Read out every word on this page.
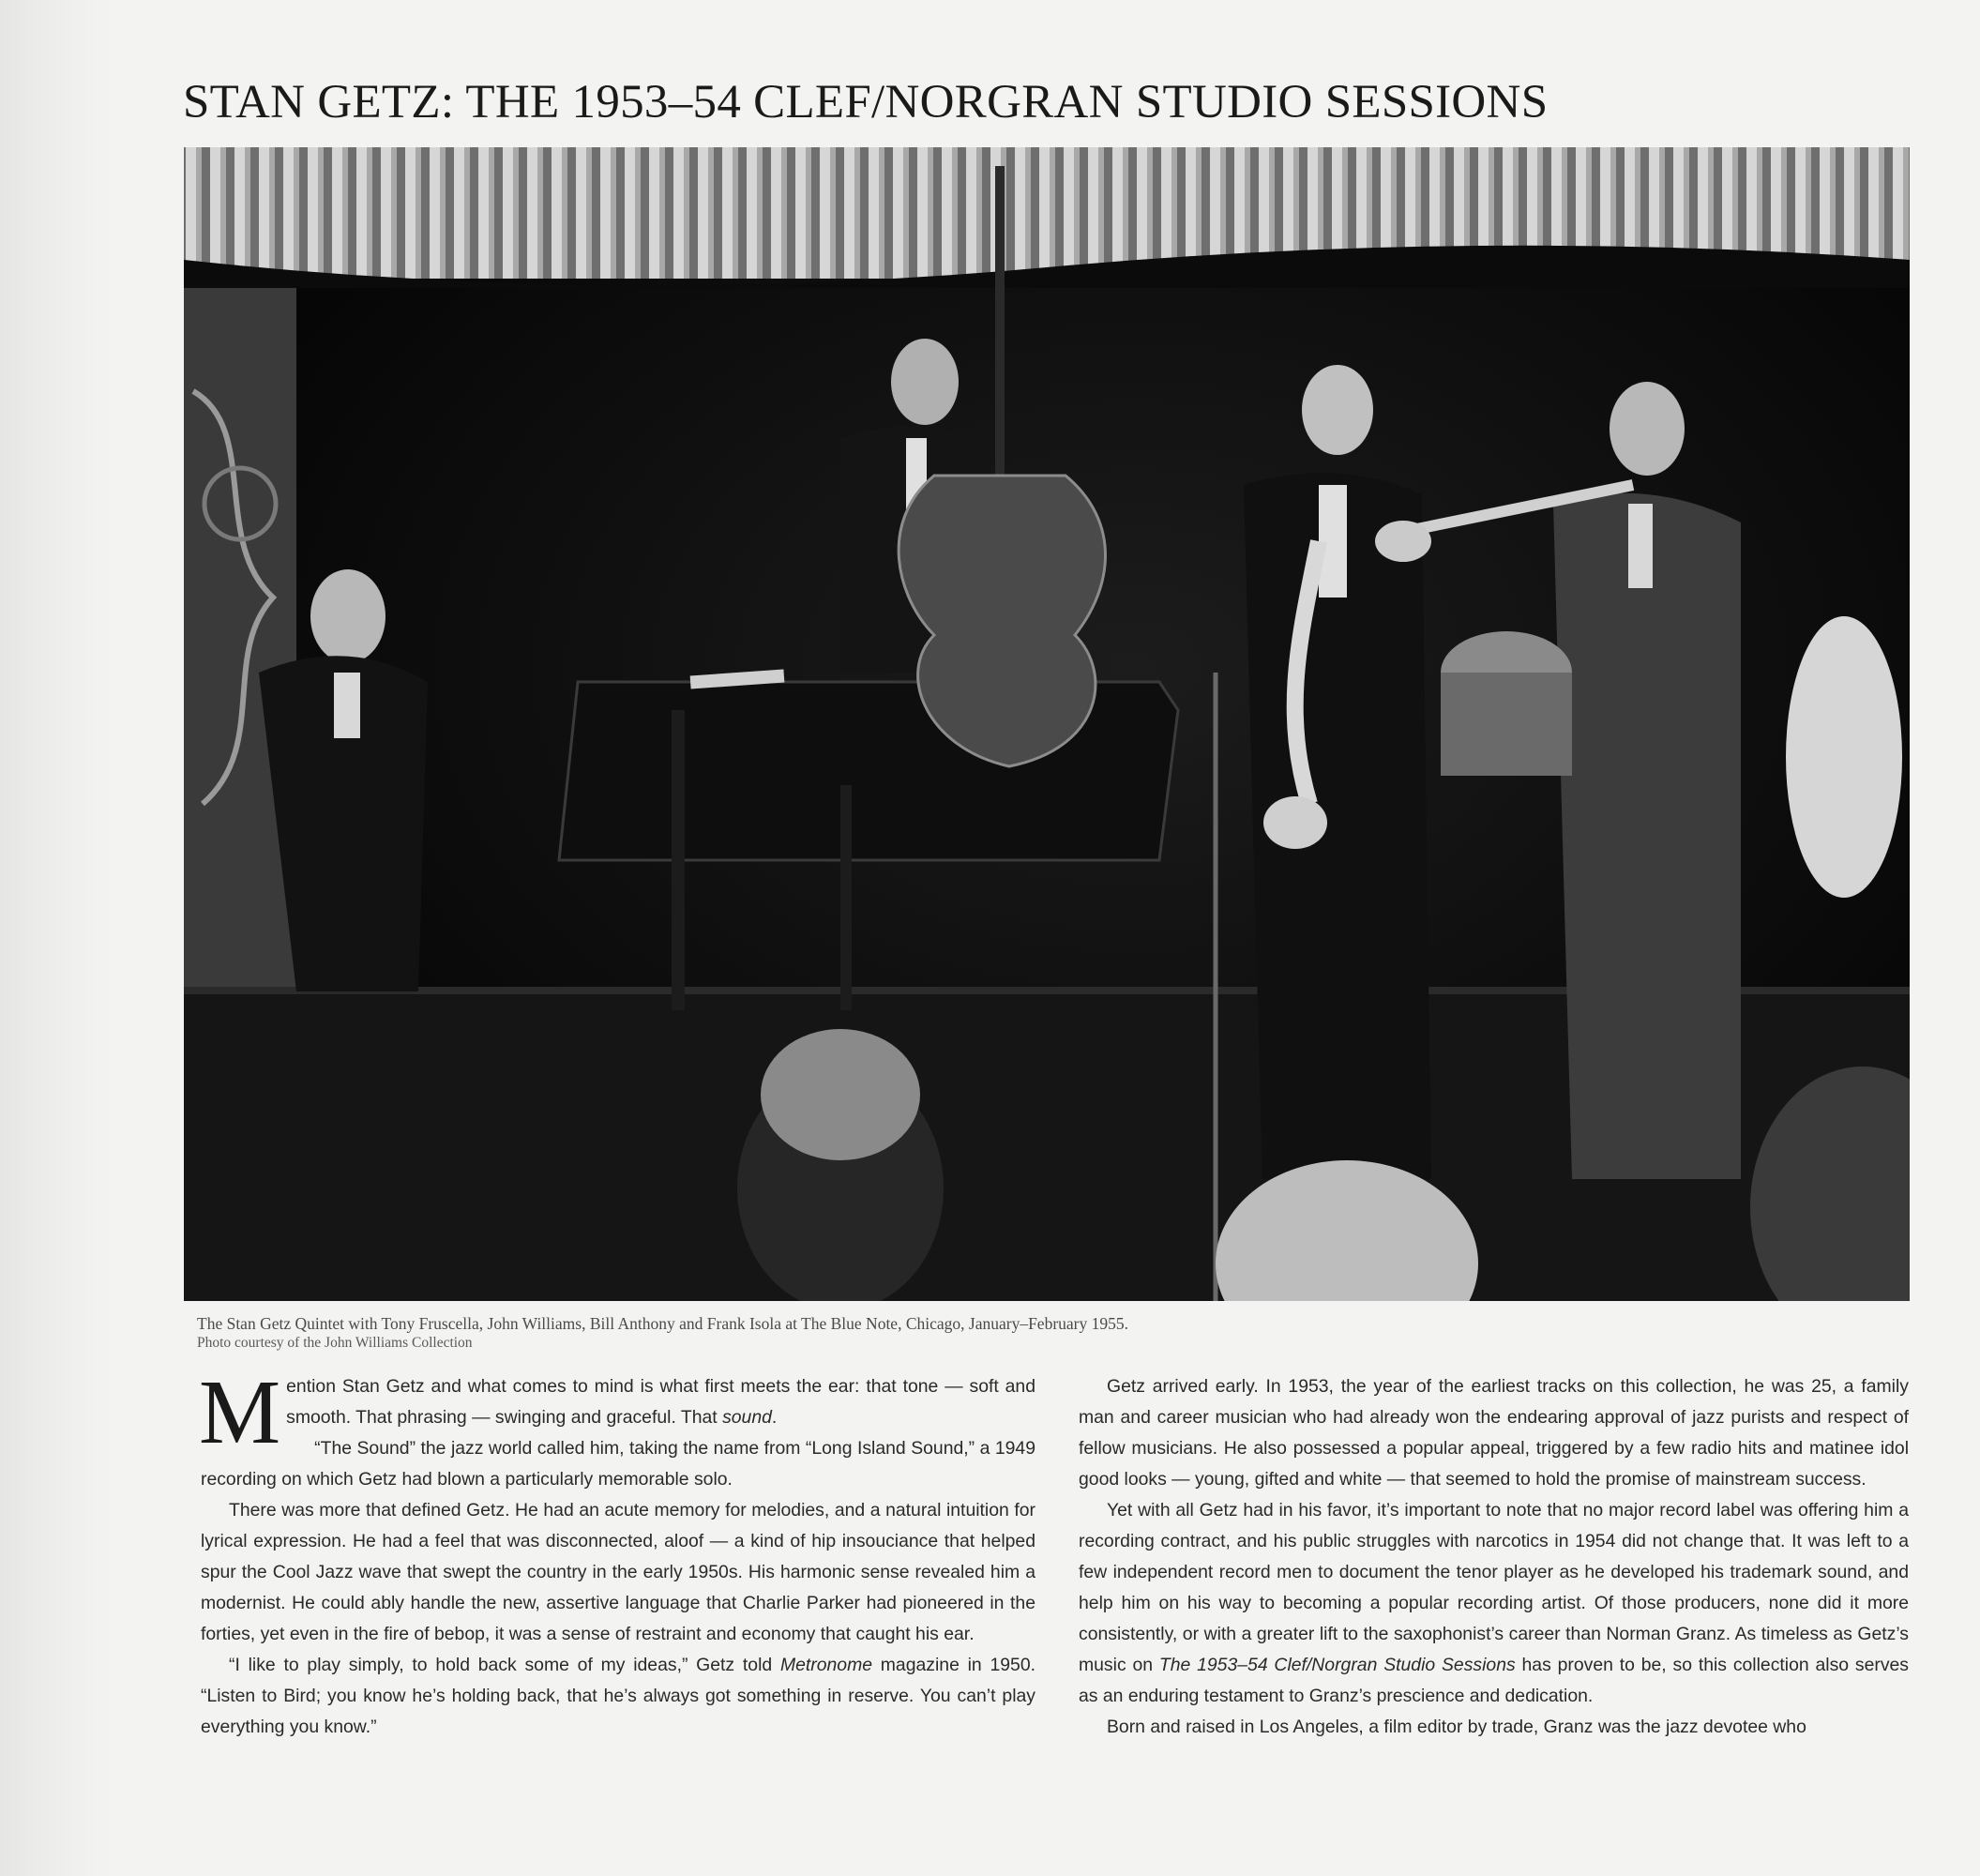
STAN GETZ: THE 1953–54 CLEF/NORGRAN STUDIO SESSIONS
The Stan Getz Quintet with Tony Fruscella, John Williams, Bill Anthony and Frank Isola at The Blue Note, Chicago, January–February 1955.
Photo courtesy of the John Williams Collection

Mention Stan Getz and what comes to mind is what first meets the ear: that tone — soft and smooth. That phrasing — swinging and graceful. That sound.

“The Sound” the jazz world called him, taking the name from “Long Island Sound,” a 1949 recording on which Getz had blown a particularly memorable solo.

There was more that defined Getz. He had an acute memory for melodies, and a natural intuition for lyrical expression. He had a feel that was disconnected, aloof — a kind of hip insouciance that helped spur the Cool Jazz wave that swept the country in the early 1950s. His harmonic sense revealed him a modernist. He could ably handle the new, assertive language that Charlie Parker had pioneered in the forties, yet even in the fire of bebop, it was a sense of restraint and economy that caught his ear.

“I like to play simply, to hold back some of my ideas,” Getz told Metronome magazine in 1950. “Listen to Bird; you know he’s holding back, that he’s always got something in reserve. You can’t play everything you know.”

Getz arrived early. In 1953, the year of the earliest tracks on this collection, he was 25, a family man and career musician who had already won the endearing approval of jazz purists and respect of fellow musicians. He also possessed a popular appeal, triggered by a few radio hits and matinee idol good looks — young, gifted and white — that seemed to hold the promise of mainstream success.

Yet with all Getz had in his favor, it’s important to note that no major record label was offering him a recording contract, and his public struggles with narcotics in 1954 did not change that. It was left to a few independent record men to document the tenor player as he developed his trademark sound, and help him on his way to becoming a popular recording artist. Of those producers, none did it more consistently, or with a greater lift to the saxophonist’s career than Norman Granz. As timeless as Getz’s music on The 1953–54 Clef/Norgran Studio Sessions has proven to be, so this collection also serves as an enduring testament to Granz’s prescience and dedication.

Born and raised in Los Angeles, a film editor by trade, Granz was the jazz devotee who
